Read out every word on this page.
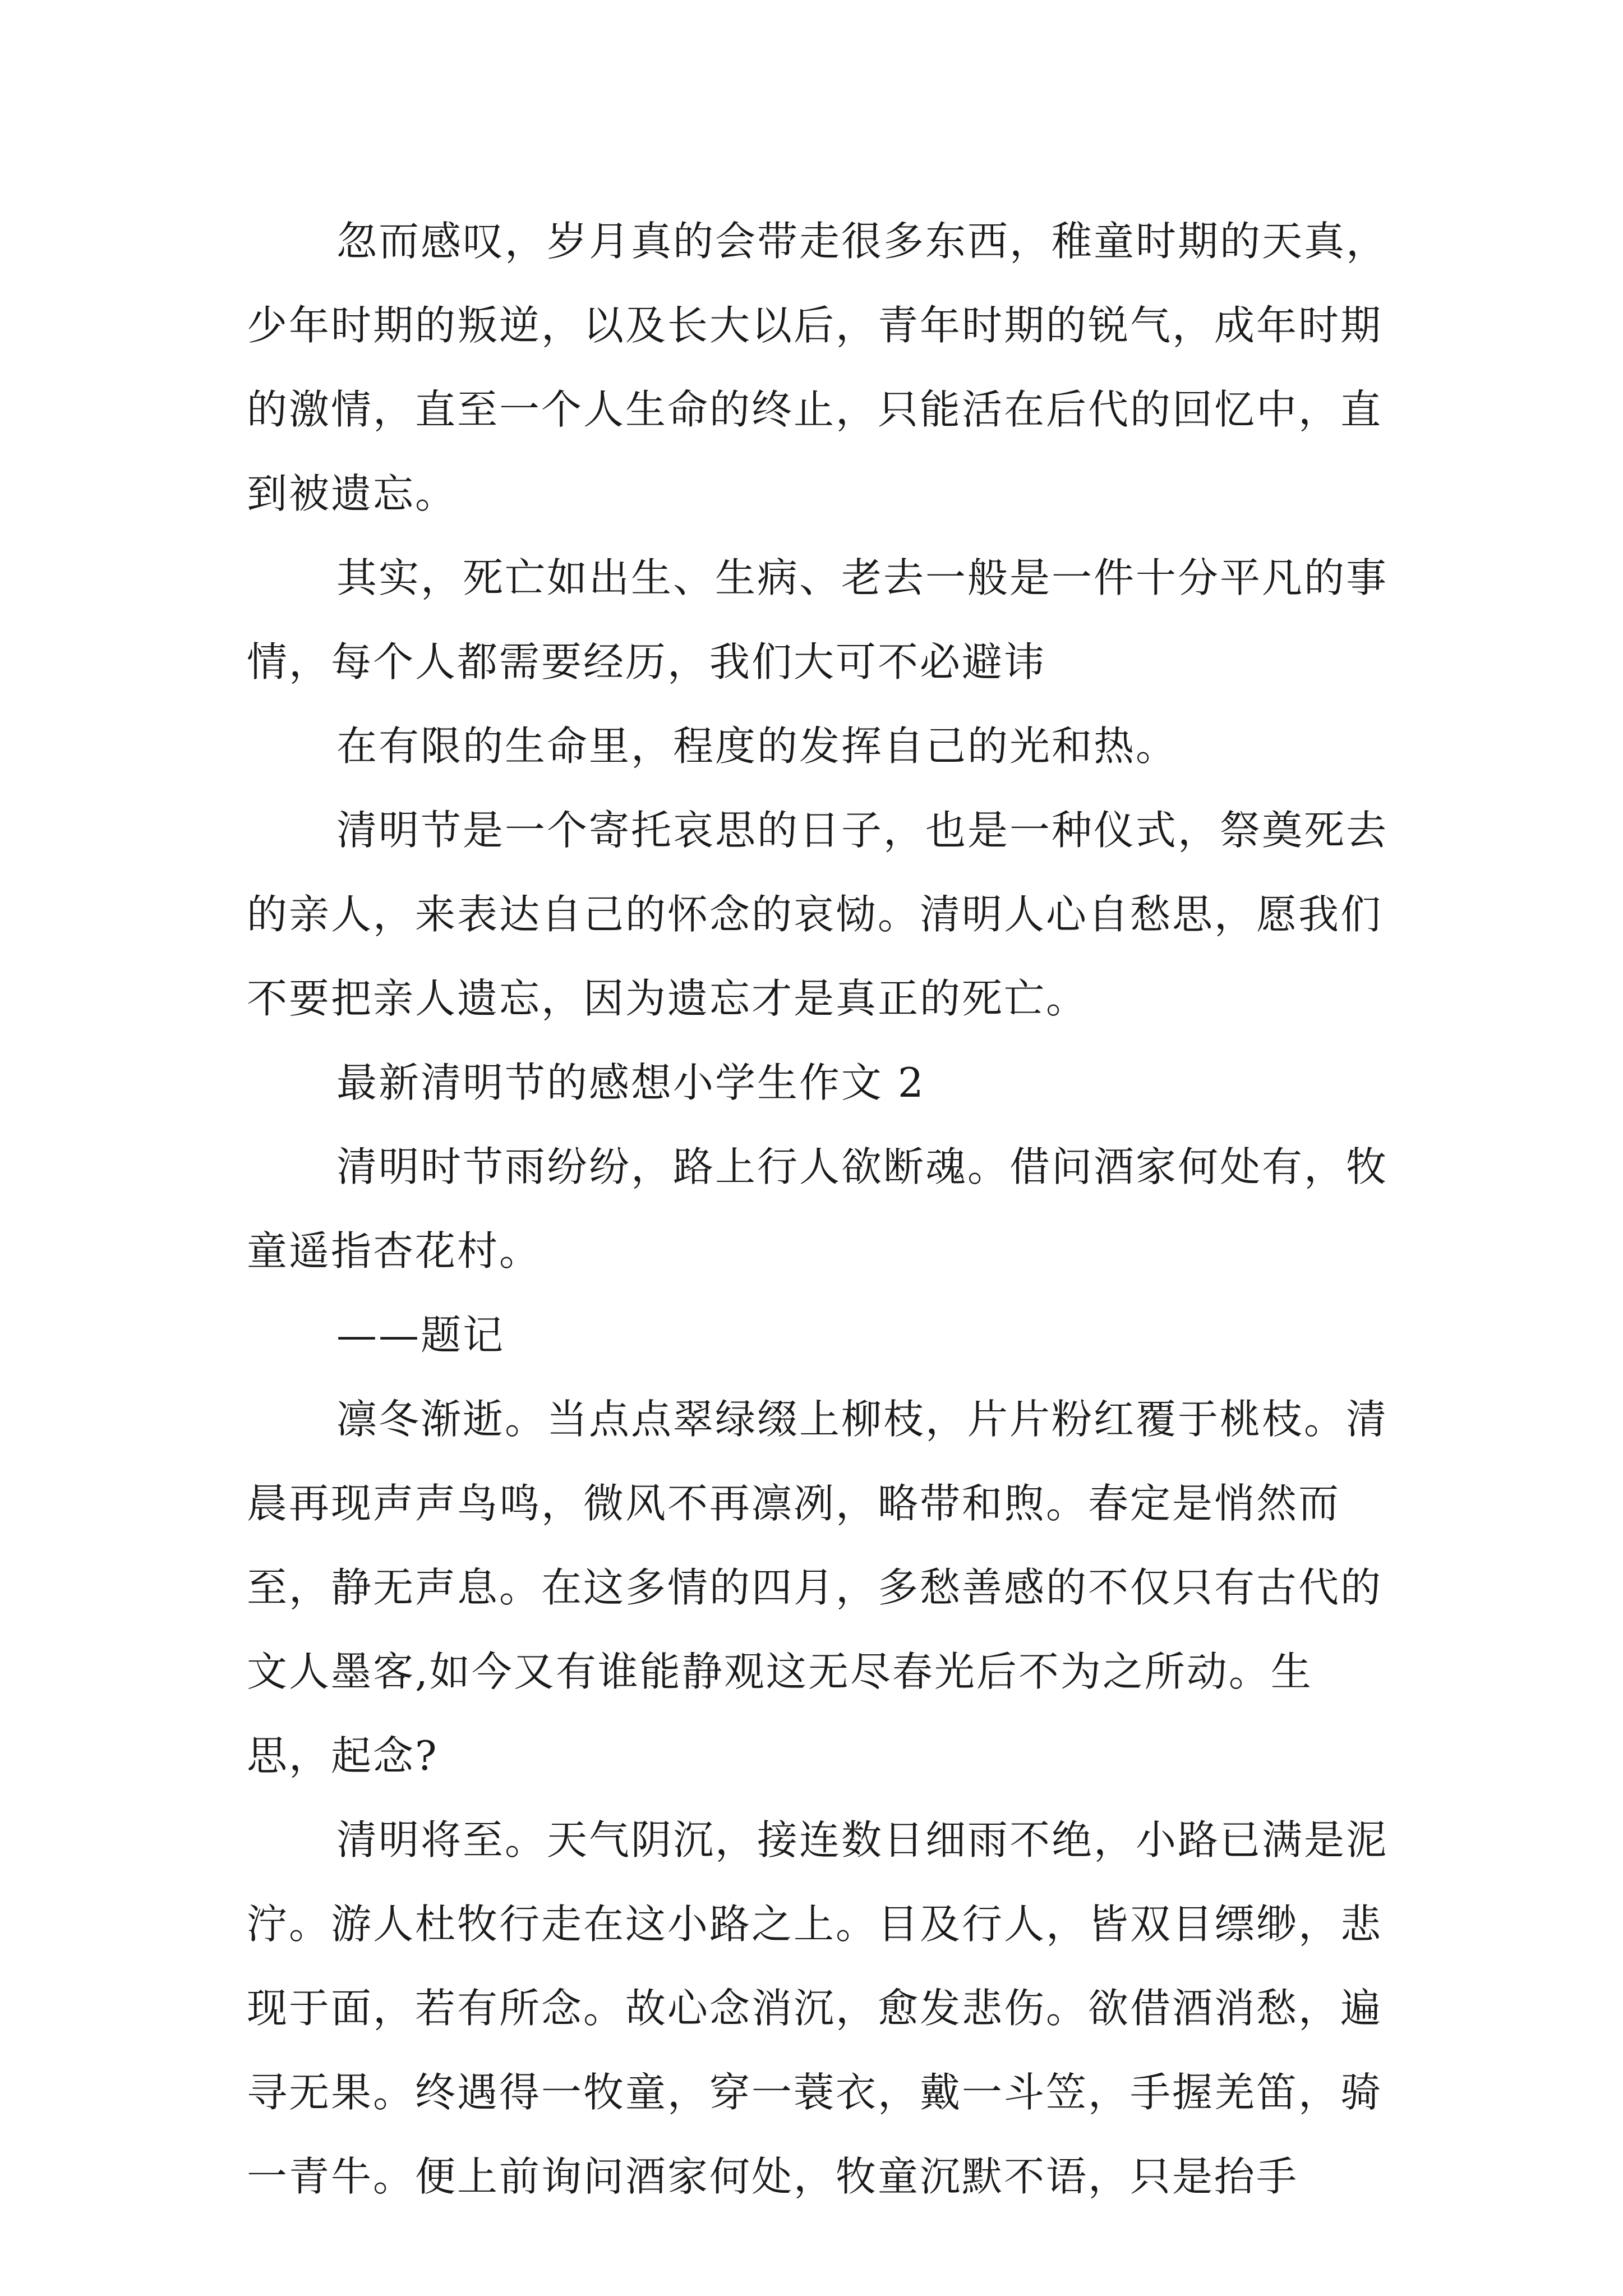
忽而感叹，岁月真的会带走很多东西，稚童时期的天真，少年时期的叛逆，以及长大以后，青年时期的锐气，成年时期的激情，直至一个人生命的终止，只能活在后代的回忆中，直到被遗忘。

其实，死亡如出生、生病、老去一般是一件十分平凡的事情，每个人都需要经历，我们大可不必避讳

在有限的生命里，程度的发挥自己的光和热。

清明节是一个寄托哀思的日子，也是一种仪式，祭奠死去的亲人，来表达自己的怀念的哀恸。清明人心自愁思，愿我们不要把亲人遗忘，因为遗忘才是真正的死亡。

最新清明节的感想小学生作文 2

清明时节雨纷纷，路上行人欲断魂。借问酒家何处有，牧童遥指杏花村。

——题记

凛冬渐逝。当点点翠绿缀上柳枝，片片粉红覆于桃枝。清晨再现声声鸟鸣，微风不再凛冽，略带和煦。春定是悄然而至，静无声息。在这多情的四月，多愁善感的不仅只有古代的文人墨客,如今又有谁能静观这无尽春光后不为之所动。生思，起念?

清明将至。天气阴沉，接连数日细雨不绝，小路已满是泥泞。游人杜牧行走在这小路之上。目及行人，皆双目缥缈，悲现于面，若有所念。故心念消沉，愈发悲伤。欲借酒消愁，遍寻无果。终遇得一牧童，穿一蓑衣，戴一斗笠，手握羌笛，骑一青牛。便上前询问酒家何处，牧童沉默不语，只是抬手
